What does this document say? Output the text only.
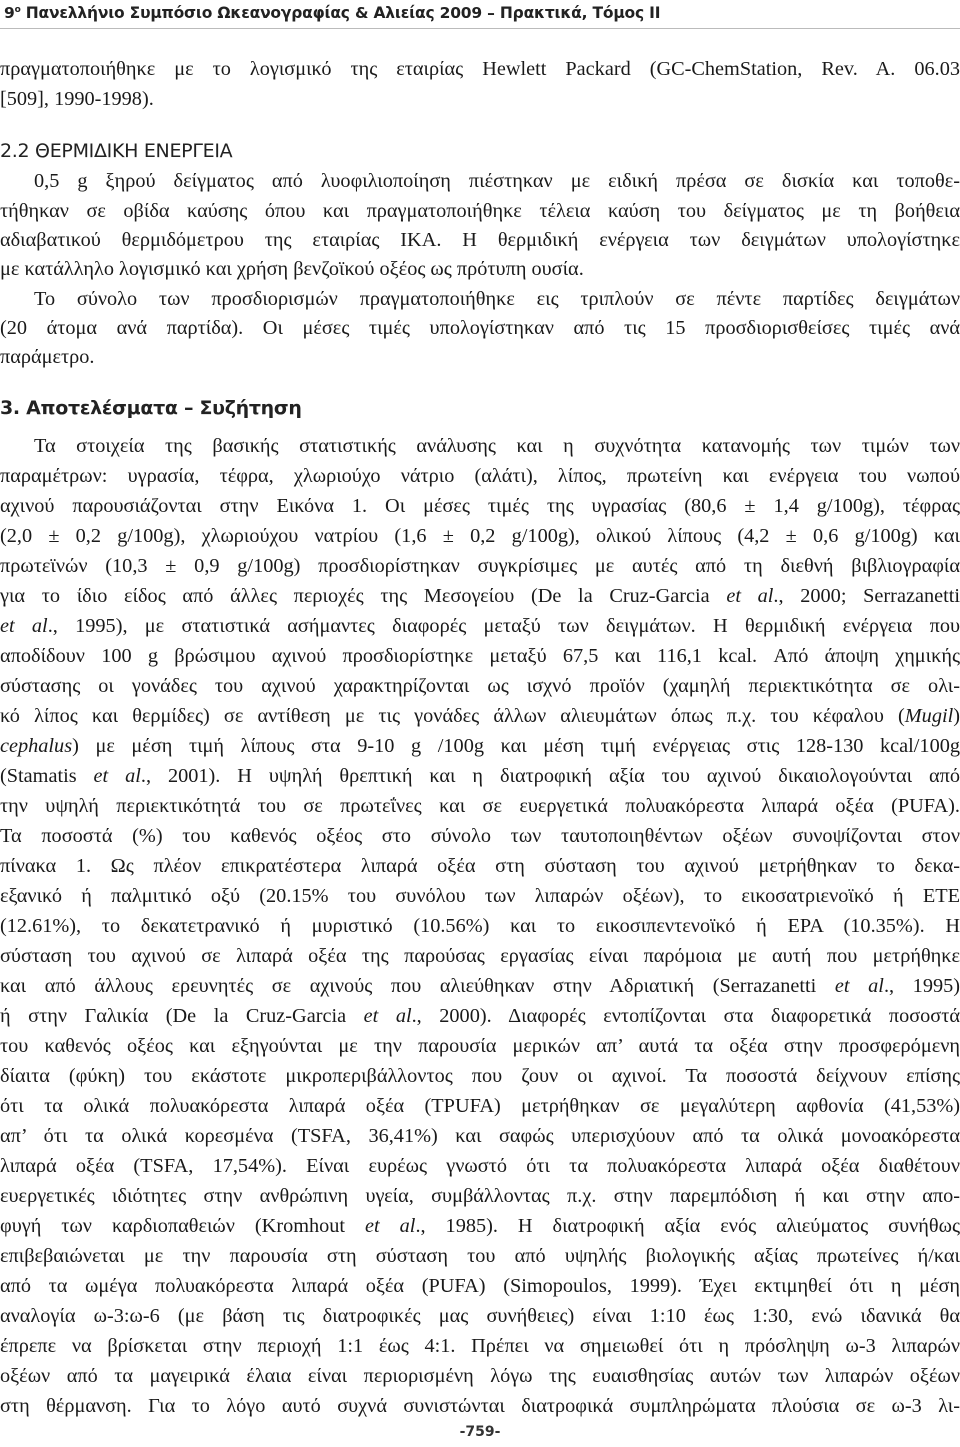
$9^o$ Πανελλήνιο Συμπόσιο Ωκεανογραφίας & Αλιείας 2009 – Πρακτικά, Τόμος ΙΙ
πραγματοποιήθηκε με το λογισμικό της εταιρίας Hewlett Packard (GC-ChemStation, Rev. A. 06.03
[509], 1990-1998).
2.2 ΘΕΡΜΙΔΙΚΗ ΕΝΕΡΓΕΙΑ
0,5 g ξηρού δείγματος από λυοφιλιοποίηση πιέστηκαν με ειδική πρέσα σε δισκία και τοποθε-
τήθηκαν σε οβίδα καύσης όπου και πραγματοποιήθηκε τέλεια καύση του δείγματος με τη βοήθεια
αδιαβατικού θερμιδόμετρου της εταιρίας ΙΚΑ. Η θερμιδική ενέργεια των δειγμάτων υπολογίστηκε
με κατάλληλο λογισμικό και χρήση βενζοϊκού οξέος ως πρότυπη ουσία.
Το σύνολο των προσδιορισμών πραγματοποιήθηκε εις τριπλούν σε πέντε παρτίδες δειγμάτων
(20 άτομα ανά παρτίδα). Οι μέσες τιμές υπολογίστηκαν από τις 15 προσδιορισθείσες τιμές ανά
παράμετρο.
3. Αποτελέσματα – Συζήτηση
Τα στοιχεία της βασικής στατιστικής ανάλυσης και η συχνότητα κατανομής των τιμών των
παραμέτρων: υγρασία, τέφρα, χλωριούχο νάτριο (αλάτι), λίπος, πρωτείνη και ενέργεια του νωπού
αχινού παρουσιάζονται στην Εικόνα 1. Οι μέσες τιμές της υγρασίας (80,6 ± 1,4 g/100g), τέφρας
(2,0 ± 0,2 g/100g), χλωριούχου νατρίου (1,6 ± 0,2 g/100g), ολικού λίπους (4,2 ± 0,6 g/100g) και
πρωτεϊνών (10,3 ± 0,9 g/100g) προσδιορίστηκαν συγκρίσιμες με αυτές από τη διεθνή βιβλιογραφία
για το ίδιο είδος από άλλες περιοχές της Μεσογείου (De la Cruz-Garcia et al., 2000; Serrazanetti
et al., 1995), με στατιστικά ασήμαντες διαφορές μεταξύ των δειγμάτων. Η θερμιδική ενέργεια που
αποδίδουν 100 g βρώσιμου αχινού προσδιορίστηκε μεταξύ 67,5 και 116,1 kcal. Από άποψη χημικής
σύστασης οι γονάδες του αχινού χαρακτηρίζονται ως ισχνό προϊόν (χαμηλή περιεκτικότητα σε ολι-
κό λίπος και θερμίδες) σε αντίθεση με τις γονάδες άλλων αλιευμάτων όπως π.χ. του κέφαλου (Mugil)
cephalus) με μέση τιμή λίπους στα 9-10 g /100g και μέση τιμή ενέργειας στις 128-130 kcal/100g
(Stamatis et al., 2001). Η υψηλή θρεπτική και η διατροφική αξία του αχινού δικαιολογούνται από
την υψηλή περιεκτικότητά του σε πρωτεΐνες και σε ευεργετικά πολυακόρεστα λιπαρά οξέα (PUFA).
Τα ποσοστά (%) του καθενός οξέος στο σύνολο των ταυτοποιηθέντων οξέων συνοψίζονται στον
πίνακα 1. Ως πλέον επικρατέστερα λιπαρά οξέα στη σύσταση του αχινού μετρήθηκαν το δεκα-
εξανικό ή παλμιτικό οξύ (20.15% του συνόλου των λιπαρών οξέων), το εικοσατριενοϊκό ή ΕΤΕ
(12.61%), το δεκατετρανικό ή μυριστικό (10.56%) και το εικοσιπεντενοϊκό ή ΕΡΑ (10.35%). Η
σύσταση του αχινού σε λιπαρά οξέα της παρούσας εργασίας είναι παρόμοια με αυτή που μετρήθηκε
και από άλλους ερευνητές σε αχινούς που αλιεύθηκαν στην Αδριατική (Serrazanetti et al., 1995)
ή στην Γαλικία (De la Cruz-Garcia et al., 2000). Διαφορές εντοπίζονται στα διαφορετικά ποσοστά
του καθενός οξέος και εξηγούνται με την παρουσία μερικών απ’ αυτά τα οξέα στην προσφερόμενη
δίαιτα (φύκη) του εκάστοτε μικροπεριβάλλοντος που ζουν οι αχινοί. Τα ποσοστά δείχνουν επίσης
ότι τα ολικά πολυακόρεστα λιπαρά οξέα (TPUFA) μετρήθηκαν σε μεγαλύτερη αφθονία (41,53%)
απ’ ότι τα ολικά κορεσμένα (TSFA, 36,41%) και σαφώς υπερισχύουν από τα ολικά μονοακόρεστα
λιπαρά οξέα (TSFA, 17,54%). Είναι ευρέως γνωστό ότι τα πολυακόρεστα λιπαρά οξέα διαθέτουν
ευεργετικές ιδιότητες στην ανθρώπινη υγεία, συμβάλλοντας π.χ. στην παρεμπόδιση ή και στην απο-
φυγή των καρδιοπαθειών (Kromhout et al., 1985). Η διατροφική αξία ενός αλιεύματος συνήθως
επιβεβαιώνεται με την παρουσία στη σύσταση του από υψηλής βιολογικής αξίας πρωτείνες ή/και
από τα ωμέγα πολυακόρεστα λιπαρά οξέα (PUFA) (Simopoulos, 1999). Έχει εκτιμηθεί ότι η μέση
αναλογία ω-3:ω-6 (με βάση τις διατροφικές μας συνήθειες) είναι 1:10 έως 1:30, ενώ ιδανικά θα
έπρεπε να βρίσκεται στην περιοχή 1:1 έως 4:1. Πρέπει να σημειωθεί ότι η πρόσληψη ω-3 λιπαρών
οξέων από τα μαγειρικά έλαια είναι περιορισμένη λόγω της ευαισθησίας αυτών των λιπαρών οξέων
στη θέρμανση. Για το λόγο αυτό συχνά συνιστώνται διατροφικά συμπληρώματα πλούσια σε ω-3 λι-
-759-
